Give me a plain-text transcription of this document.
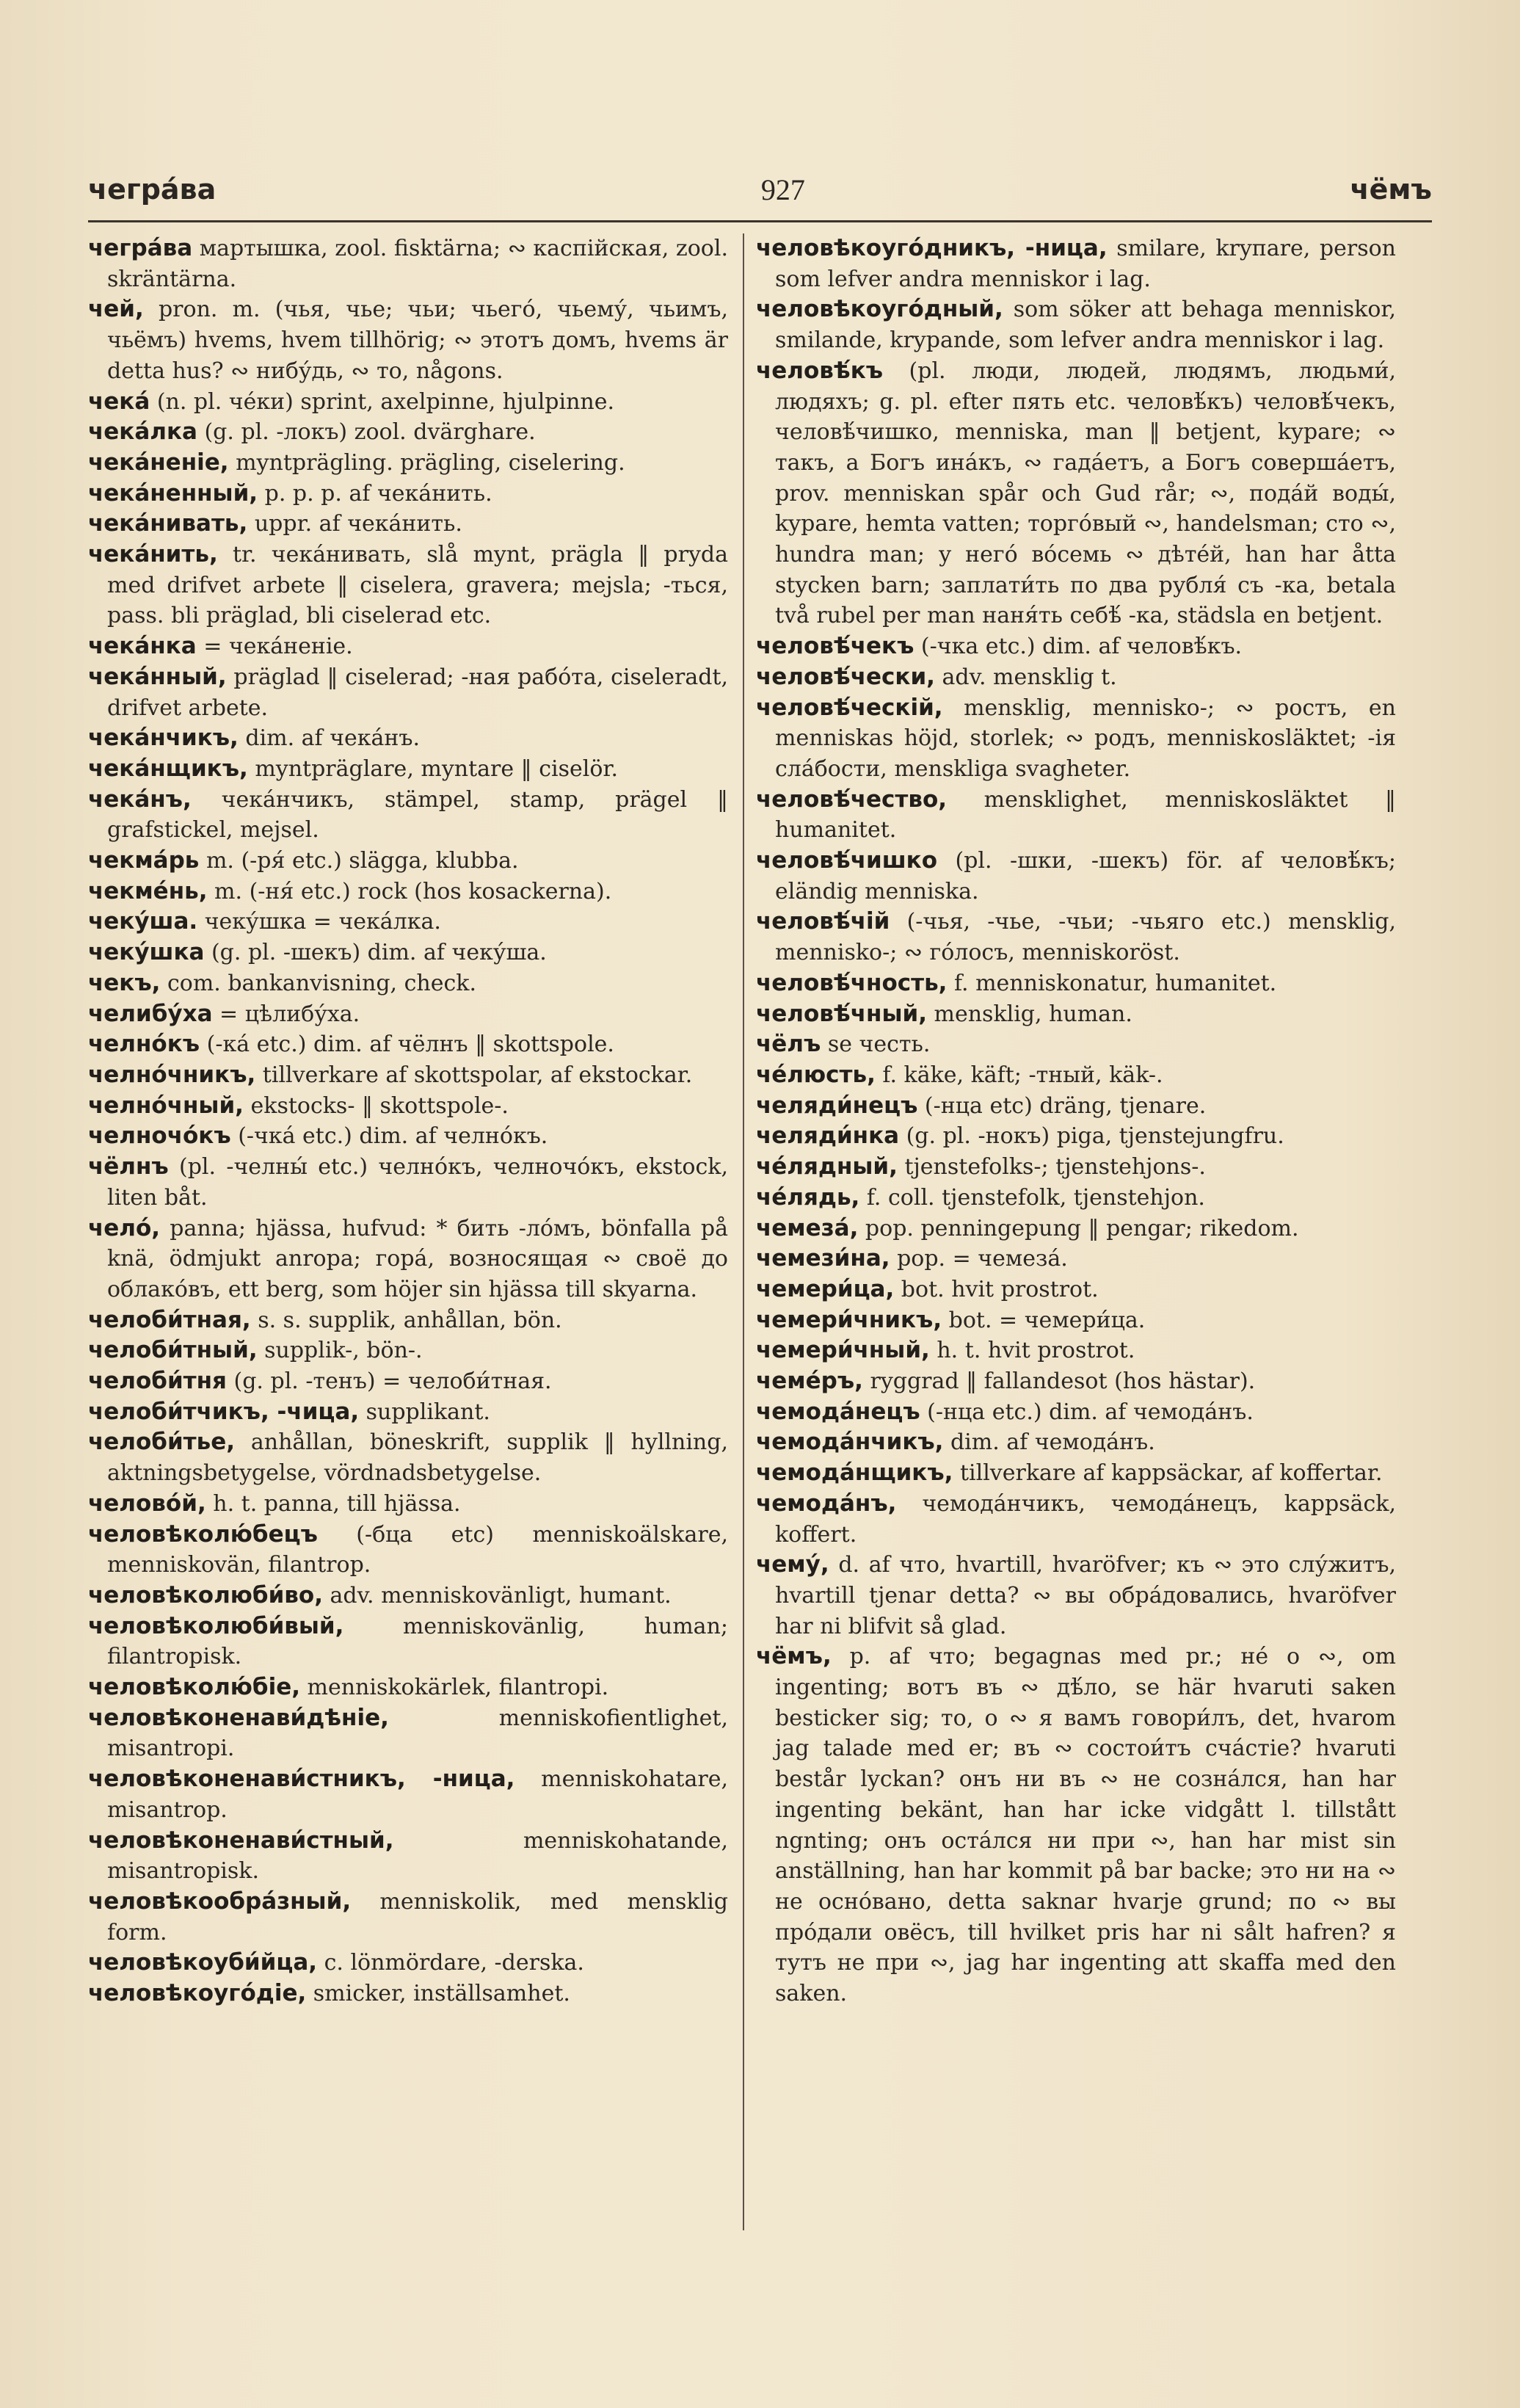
чегра́ва	927	чёмъ

чегра́ва мартышка, zool. fisktärna; ∾ каспійская, zool. skräntärna.

чей, pron. m. (чья, чье; чьи; чьего́, чьему́, чьимъ, чьёмъ) hvems, hvem tillhörig; ∾ этотъ домъ, hvems är detta hus? ∾ нибу́дь, ∾ то, någons.

чека́ (n. pl. че́ки) sprint, axelpinne, hjulpinne.

чека́лка (g. pl. -локъ) zool. dvärghare.

чека́неніе, myntprägling. prägling, ciselering.

чека́ненный, p. p. p. af чека́нить.

чека́нивать, uppr. af чека́нить.

чека́нить, tr. чека́нивать, slå mynt, prägla ‖ pryda med drifvet arbete ‖ ciselera, gravera; mejsla; -ться, pass. bli präglad, bli ciselerad etc.

чека́нка = чека́неніе.

чека́нный, präglad ‖ ciselerad; -ная рабо́та, ciseleradt, drifvet arbete.

чека́нчикъ, dim. af чека́нъ.

чека́нщикъ, myntpräglare, myntare ‖ ciselör.

чека́нъ, чека́нчикъ, stämpel, stamp, prägel ‖ grafstickel, mejsel.

чекма́рь m. (-ря́ etc.) slägga, klubba.

чекме́нь, m. (-ня́ etc.) rock (hos kosackerna).

чеку́ша. чеку́шка = чека́лка.

чеку́шка (g. pl. -шекъ) dim. af чеку́ша.

чекъ, com. bankanvisning, check.

челибу́ха = цѣлибу́ха.

челно́къ (-ка́ etc.) dim. af чёлнъ ‖ skottspole.

челно́чникъ, tillverkare af skottspolar, af ekstockar.

челно́чный, ekstocks- ‖ skottspole-.

челночо́къ (-чка́ etc.) dim. af челно́къ.

чёлнъ (pl. -челны́ etc.) челно́къ, челночо́къ, ekstock, liten båt.

чело́, panna; hjässa, hufvud: * бить -ло́мъ, bönfalla på knä, ödmjukt anropa; гора́, возносящая ∾ своё до облако́въ, ett berg, som höjer sin hjässa till skyarna.

челоби́тная, s. s. supplik, anhållan, bön.

челоби́тный, supplik-, bön-.

челоби́тня (g. pl. -тенъ) = челоби́тная.

челоби́тчикъ, -чица, supplikant.

челоби́тье, anhållan, böneskrift, supplik ‖ hyllning, aktningsbetygelse, vördnadsbetygelse.

челово́й, h. t. panna, till hjässa.

человѣколю́бецъ (-бца etc) menniskoälskare, menniskovän, filantrop.

человѣколюби́во, adv. menniskovänligt, humant.

человѣколюби́вый, menniskovänlig, human; filantropisk.

человѣколю́біе, menniskokärlek, filantropi.

человѣконенави́дѣніе, menniskofientlighet, misantropi.

человѣконенави́стникъ, -ница, menniskohatare, misantrop.

человѣконенави́стный, menniskohatande, misantropisk.

человѣкообра́зный, menniskolik, med mensklig form.

человѣкоуби́йца, c. lönmördare, -derska.

человѣкоуго́діе, smicker, inställsamhet.

человѣкоуго́дникъ, -ница, smilare, kryпare, person som lefver andra menniskor i lag.

человѣкоуго́дный, som söker att behaga menniskor, smilande, krypande, som lefver andra menniskor i lag.

человѣ́къ (pl. люди, людей, людямъ, людьми́, людяхъ; g. pl. efter пять etc. человѣ́къ) человѣ́чекъ, человѣ́чишко, menniska, man ‖ betjent, kypare; ∾ такъ, а Богъ ина́къ, ∾ гада́етъ, а Богъ соверша́етъ, prov. menniskan spår och Gud rår; ∾, пода́й воды́, kypare, hemta vatten; торго́вый ∾, handelsman; сто ∾, hundra man; у него́ во́семь ∾ дѣте́й, han har åtta stycken barn; заплати́ть по два рубля́ съ -ка, betala två rubel per man наня́ть себѣ́ -ка, städsla en betjent.

человѣ́чекъ (-чка etc.) dim. af человѣ́къ.

человѣ́чески, adv. mensklig t.

человѣ́ческій, mensklig, mennisko-; ∾ ростъ, en menniskas höjd, storlek; ∾ родъ, menniskosläktet; -ія сла́бости, menskliga svagheter.

человѣ́чество, mensklighet, menniskosläktet ‖ humanitet.

человѣ́чишко (pl. -шки, -шекъ) för. af человѣ́къ; eländig menniska.

человѣ́чій (-чья, -чье, -чьи; -чьяго etc.) mensklig, mennisko-; ∾ го́лосъ, menniskoröst.

человѣ́чность, f. menniskonatur, humanitet.

человѣ́чный, mensklig, human.

чёлъ se честь.

че́люсть, f. käke, käft; -тный, käk-.

челяди́нецъ (-нца etc) dräng, tjenare.

челяди́нка (g. pl. -нокъ) piga, tjenstejungfru.

че́лядный, tjenstefolks-; tjenstehjons-.

че́лядь, f. coll. tjenstefolk, tjenstehjon.

чемеза́, pop. penningepung ‖ pengar; rikedom.

чемези́на, pop. = чемеза́.

чемери́ца, bot. hvit prostrot.

чемери́чникъ, bot. = чемери́ца.

чемери́чный, h. t. hvit prostrot.

чеме́ръ, ryggrad ‖ fallandesot (hos hästar).

чемода́нецъ (-нца etc.) dim. af чемода́нъ.

чемода́нчикъ, dim. af чемода́нъ.

чемода́нщикъ, tillverkare af kappsäckar, af koffertar.

чемода́нъ, чемода́нчикъ, чемода́нецъ, kappsäck, koffert.

чему́, d. af что, hvartill, hvaröfver; къ ∾ это слу́житъ, hvartill tjenar detta? ∾ вы обра́довались, hvaröfver har ni blifvit så glad.

чёмъ, p. af что; begagnas med pr.; не́ о ∾, om ingenting; вотъ въ ∾ дѣ́ло, se här hvaruti saken besticker sig; то, о ∾ я вамъ говори́лъ, det, hvarom jag talade med er; въ ∾ состои́тъ сча́стіе? hvaruti består lyckan? онъ ни въ ∾ не созна́лся, han har ingenting bekänt, han har icke vidgått l. tillstått ngnting; онъ оста́лся ни при ∾, han har mist sin anställning, han har kommit på bar backe; это ни на ∾ не осно́вано, detta saknar hvarje grund; по ∾ вы про́дали овёсъ, till hvilket pris har ni sålt hafren? я тутъ не при ∾, jag har ingenting att skaffa med den saken.
